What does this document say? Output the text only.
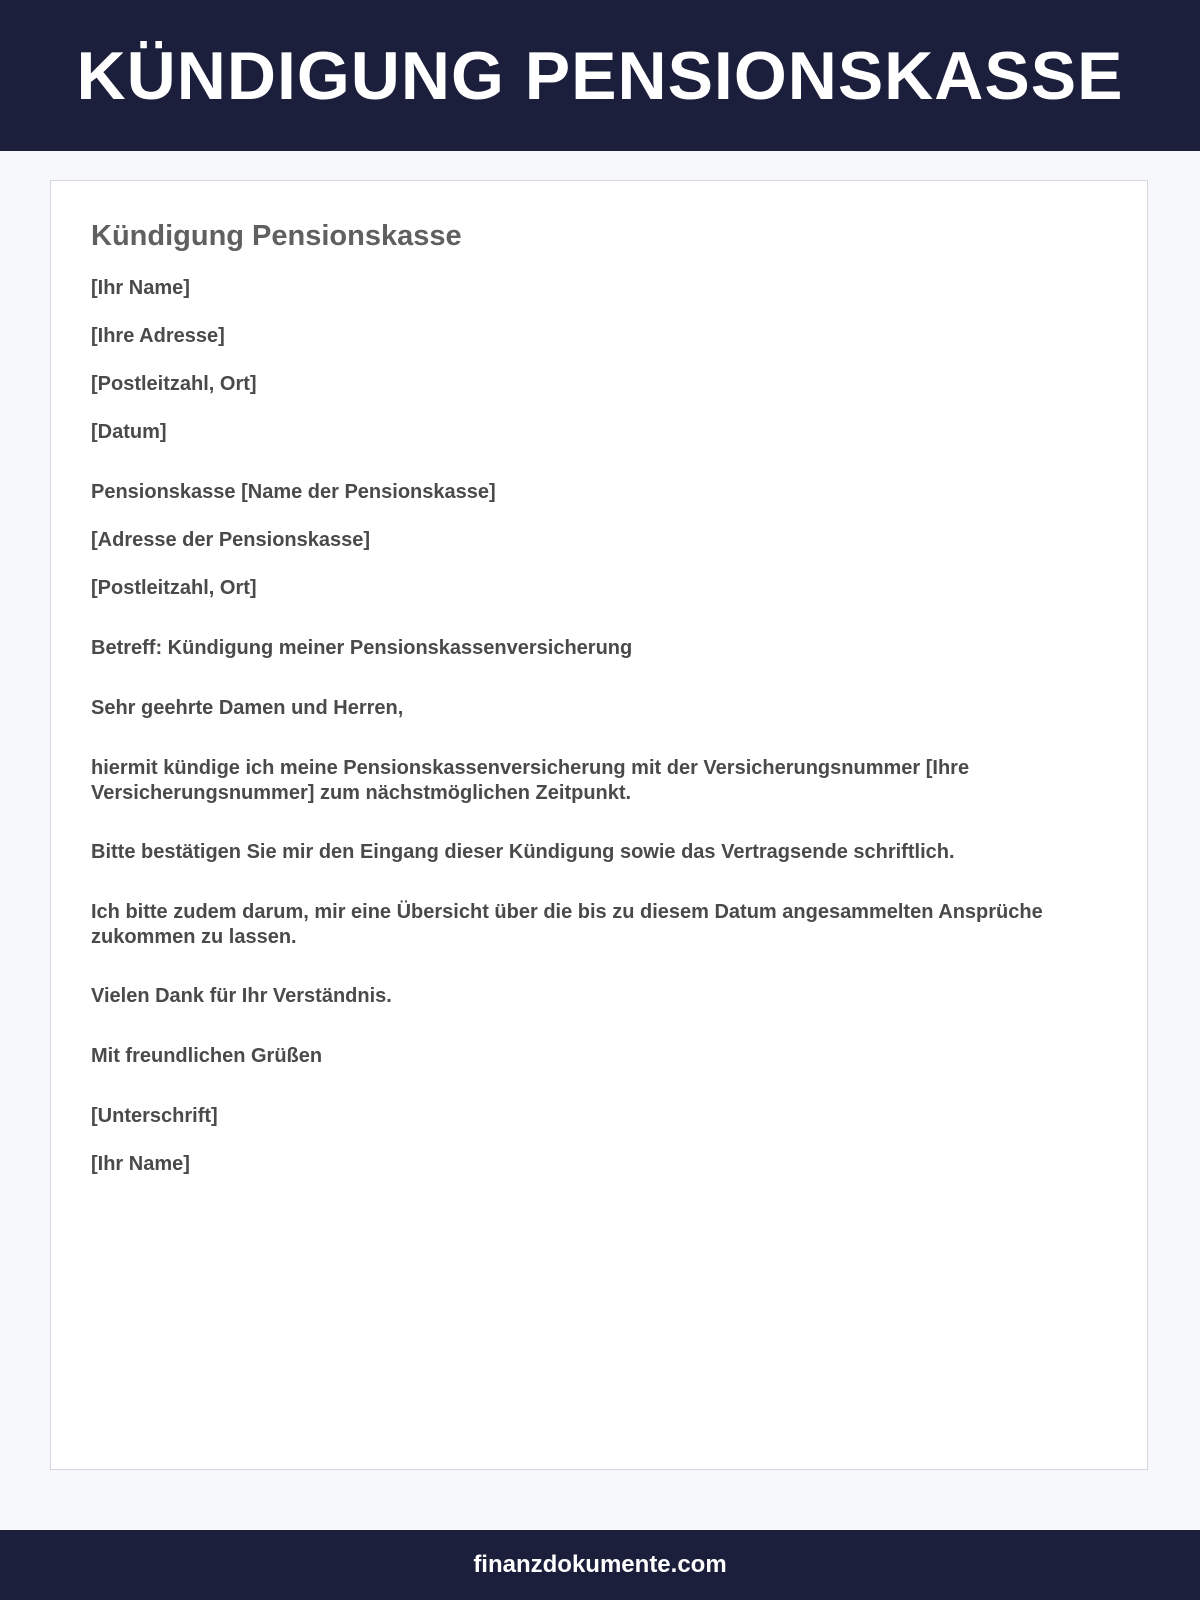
KÜNDIGUNG PENSIONSKASSE
Kündigung Pensionskasse

[Ihr Name]

[Ihre Adresse]

[Postleitzahl, Ort]

[Datum]

Pensionskasse [Name der Pensionskasse]

[Adresse der Pensionskasse]

[Postleitzahl, Ort]

Betreff: Kündigung meiner Pensionskassenversicherung

Sehr geehrte Damen und Herren,

hiermit kündige ich meine Pensionskassenversicherung mit der Versicherungsnummer [Ihre Versicherungsnummer] zum nächstmöglichen Zeitpunkt.

Bitte bestätigen Sie mir den Eingang dieser Kündigung sowie das Vertragsende schriftlich.

Ich bitte zudem darum, mir eine Übersicht über die bis zu diesem Datum angesammelten Ansprüche zukommen zu lassen.

Vielen Dank für Ihr Verständnis.

Mit freundlichen Grüßen

[Unterschrift]

[Ihr Name]

finanzdokumente.com
